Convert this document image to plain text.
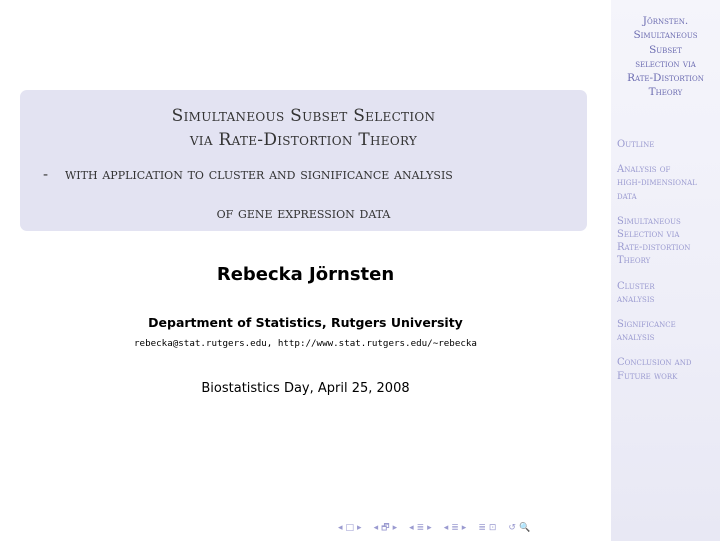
Jörnsten.
Simultaneous
Subset
selection via
Rate-Distortion
Theory
Outline
Analysis of
high-dimensional
data
Simultaneous
Selection via
Rate-distortion
Theory
Cluster
analysis
Significance
analysis
Conclusion and
Future work
Simultaneous Subset Selection
via Rate-Distortion Theory
- with application to cluster and significance analysis
of gene expression data
Rebecka Jörnsten
Department of Statistics, Rutgers University
rebecka@stat.rutgers.edu, http://www.stat.rutgers.edu/∼rebecka
Biostatistics Day, April 25, 2008
◂ □ ▸ ◂ 🗗 ▸ ◂ ≣ ▸ ◂ ≣ ▸ ≣ ⊡ ↺ 🔍
